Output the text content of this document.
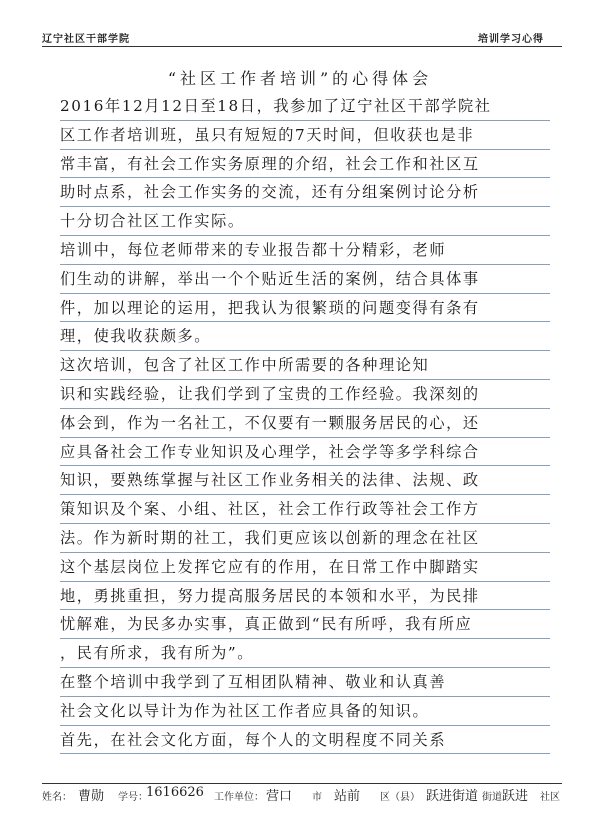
辽宁社区干部学院	培训学习心得
“社区工作者培训”的心得体会
2016年12月12日至18日，我参加了辽宁社区干部学院社
区工作者培训班，虽只有短短的7天时间，但收获也是非
常丰富，有社会工作实务原理的介绍，社会工作和社区互
助时点系，社会工作实务的交流，还有分组案例讨论分析
十分切合社区工作实际。
培训中，每位老师带来的专业报告都十分精彩，老师
们生动的讲解，举出一个个贴近生活的案例，结合具体事
件，加以理论的运用，把我认为很繁琐的问题变得有条有
理，使我收获颇多。
这次培训，包含了社区工作中所需要的各种理论知
识和实践经验，让我们学到了宝贵的工作经验。我深刻的
体会到，作为一名社工，不仅要有一颗服务居民的心，还
应具备社会工作专业知识及心理学，社会学等多学科综合
知识，要熟练掌握与社区工作业务相关的法律、法规、政
策知识及个案、小组、社区，社会工作行政等社会工作方
法。作为新时期的社工，我们更应该以创新的理念在社区
这个基层岗位上发挥它应有的作用，在日常工作中脚踏实
地，勇挑重担，努力提高服务居民的本领和水平，为民排
忧解难，为民多办实事，真正做到“民有所呼，我有所应
，民有所求，我有所为”。
在整个培训中我学到了互相团队精神、敬业和认真善
社会文化以导计为作为社区工作者应具备的知识。
首先，在社会文化方面，每个人的文明程度不同关系
姓名： 曹勋 学号：
1616626 工作单位： 营口 市 站前 区（县） 跃进街道 街道 跃进 社区
